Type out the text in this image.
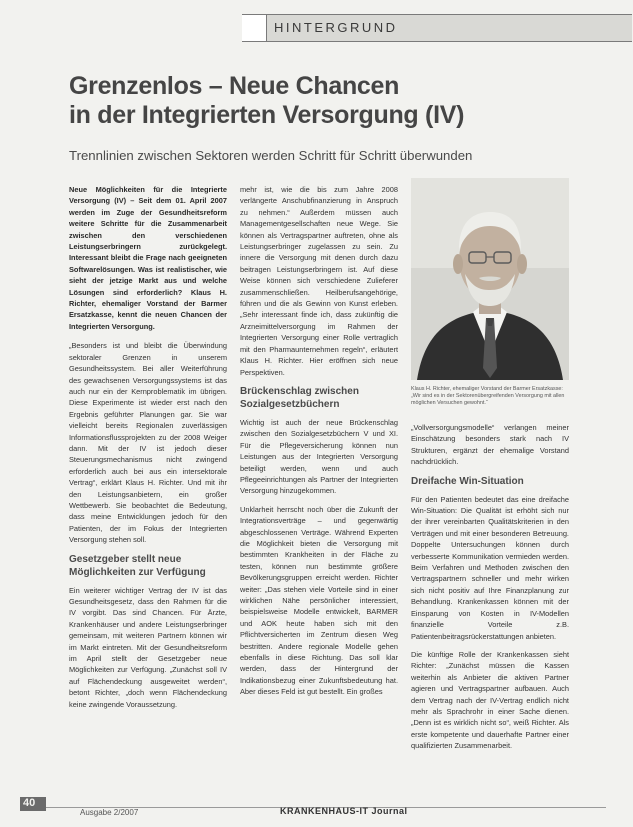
HINTERGRUND
Grenzenlos – Neue Chancen
in der Integrierten Versorgung (IV)
Trennlinien zwischen Sektoren werden Schritt für Schritt überwunden

Neue Möglichkeiten für die Integrierte Versorgung (IV) – Seit dem 01. April 2007 werden im Zuge der Gesundheitsreform weitere Schritte für die Zusammenarbeit zwischen den verschiedenen Leistungserbringern zurückgelegt. Interessant bleibt die Frage nach geeigneten Softwarelösungen. Was ist realistischer, wie sieht der jetzige Markt aus und welche Lösungen sind erforderlich? Klaus H. Richter, ehemaliger Vorstand der Barmer Ersatzkasse, kennt die neuen Chancen der Integrierten Versorgung.

„Besonders ist und bleibt die Überwindung sektoraler Grenzen in unserem Gesundheitssystem. Bei aller Weiterführung des gewachsenen Versorgungssystems ist das auch nur ein der Kernproblematik im übrigen. Diese Experimente ist wieder erst nach den Ergebnis geführter Planungen gar. Sie war vielleicht bereits Regionalen zuverlässigen Informationsflussprojekten zu der 2008 Weiger dann. Mit der IV ist jedoch dieser Steuerungsmechanismus nicht zwingend erforderlich auch bei aus ein intersektorale Vertrag“, erklärt Klaus H. Richter. Und mit ihr den Leistungsanbietern, ein großer Wettbewerb. Sie beobachtet die Bedeutung, dass meine Entwicklungen jedoch für den Patienten, der im Fokus der Integrierten Versorgung stehen soll.

Gesetzgeber stellt neue Möglichkeiten zur Verfügung

Ein weiterer wichtiger Vertrag der IV ist das Gesundheitsgesetz, dass den Rahmen für die IV vorgibt. Das sind Chancen. Für Ärzte, Krankenhäuser und andere Leistungserbringer gemeinsam, mit weiteren Partnern können wir im Markt eintreten. Mit der Gesundheitsreform im April stellt der Gesetzgeber neue Möglichkeiten zur Verfügung. „Zunächst soll IV auf Flächendeckung ausgeweitet werden“, betont Richter, „doch wenn Flächendeckung keine zwingende Voraussetzung.

mehr ist, wie die bis zum Jahre 2008 verlängerte Anschubfinanzierung in Anspruch zu nehmen.“ Außerdem müssen auch Managementgesellschaften neue Wege. Sie können als Vertragspartner auftreten, ohne als Leistungserbringer zugelassen zu sein. Zu innere die Versorgung mit denen durch dazu beitragen Leistungserbringern ist. Auf diese Weise können sich verschiedene Zulieferer zusammenschließen. Heilberufsangehörige, führen und die als Gewinn von Kunst erleben. „Sehr interessant finde ich, dass zukünftig die Arzneimittelversorgung im Rahmen der Integrierten Versorgung einer Rolle vertraglich mit den Pharmaunternehmen regeln“, erläutert Klaus H. Richter. Hier eröffnen sich neue Perspektiven.

Brückenschlag zwischen Sozialgesetzbüchern

Wichtig ist auch der neue Brückenschlag zwischen den Sozialgesetzbüchern V und XI. Für die Pflegeversicherung können nun Leistungen aus der Integrierten Versorgung beteiligt werden, wenn und auch Pflegeeinrichtungen als Partner der Integrierten Versorgung hinzugekommen.

Unklarheit herrscht noch über die Zukunft der Integrationsverträge – und gegenwärtig abgeschlossenen Verträge. Während Experten die Möglichkeit bieten die Versorgung mit bestimmten Krankheiten in der Fläche zu testen, können nun bestimmte größere Bevölkerungsgruppen erreicht werden. Richter weiter: „Das stehen viele Vorteile sind in einer wirklichen Nähe persönlicher interessiert, beispielsweise Modelle entwickelt, BARMER und AOK heute haben sich mit den Pflichtversicherten im Zentrum diesen Weg bestritten. Andere regionale Modelle gehen ebenfalls in diese Richtung. Das soll klar werden, dass der Hintergrund der Indikationsbezug einer Zukunftsbedeutung hat. Aber dieses Feld ist gut bestellt. Ein großes

Klaus H. Richter, ehemaliger Vorstand der Barmer Ersatzkasse: „Wir sind es in der Sektorenübergreifenden Versorgung mit allen möglichen Versuchen gewohnt.“

„Vollversorgungsmodelle“ verlangen meiner Einschätzung besonders stark nach IV Strukturen, ergänzt der ehemalige Vorstand nachdrücklich.

Dreifache Win-Situation

Für den Patienten bedeutet das eine dreifache Win-Situation: Die Qualität ist erhöht sich nur der ihrer vereinbarten Qualitätskriterien in den Verträgen und mit einer besonderen Betreuung. Doppelte Untersuchungen können durch verbesserte Kommunikation vermieden werden. Beim Verfahren und Methoden zwischen den Vertragspartnern schneller und mehr wirken sich nicht positiv auf Ihre Finanzplanung zur Behandlung. Krankenkassen können mit der Einsparung von Kosten in IV-Modellen finanzielle Vorteile z.B. Patientenbeitragsrückerstattungen anbieten.

Die künftige Rolle der Krankenkassen sieht Richter: „Zunächst müssen die Kassen weiterhin als Anbieter die aktiven Partner agieren und Vertragspartner aufbauen. Auch dem Vertrag nach der IV-Vertrag endlich nicht mehr als Sprachrohr in einer Sache dienen. „Denn ist es wirklich nicht so“, weiß Richter. Als erste kompetente und dauerhafte Partner einer qualifizierten Zusammenarbeit.

40
Ausgabe 2/2007	KRANKENHAUS-IT Journal
